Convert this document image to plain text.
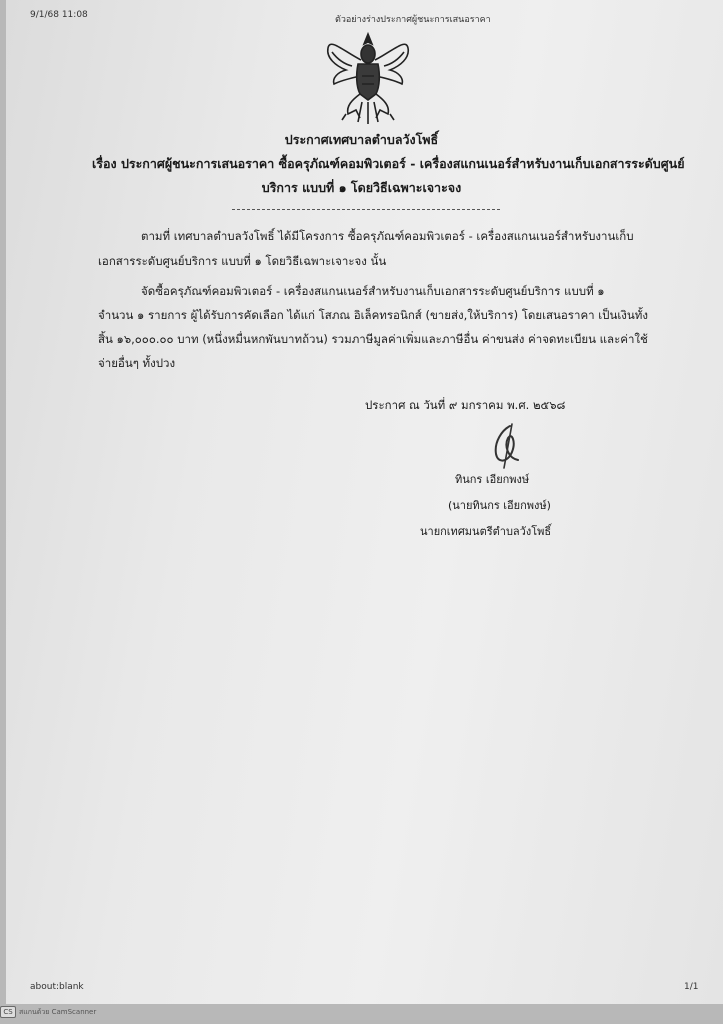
9/1/68 11:08	ตัวอย่างร่างประกาศผู้ชนะการเสนอราคา
ประกาศเทศบาลตำบลวังโพธิ์
เรื่อง ประกาศผู้ชนะการเสนอราคา ซื้อครุภัณฑ์คอมพิวเตอร์ - เครื่องสแกนเนอร์สำหรับงานเก็บเอกสารระดับศูนย์
บริการ แบบที่ ๑ โดยวิธีเฉพาะเจาะจง
ตามที่ เทศบาลตำบลวังโพธิ์ ได้มีโครงการ ซื้อครุภัณฑ์คอมพิวเตอร์ - เครื่องสแกนเนอร์สำหรับงานเก็บ
เอกสารระดับศูนย์บริการ แบบที่ ๑ โดยวิธีเฉพาะเจาะจง นั้น
จัดซื้อครุภัณฑ์คอมพิวเตอร์ - เครื่องสแกนเนอร์สำหรับงานเก็บเอกสารระดับศูนย์บริการ แบบที่ ๑
จำนวน ๑ รายการ ผู้ได้รับการคัดเลือก ได้แก่ โสภณ อิเล็คทรอนิกส์ (ขายส่ง,ให้บริการ) โดยเสนอราคา เป็นเงินทั้ง
สิ้น ๑๖,๐๐๐.๐๐ บาท (หนึ่งหมื่นหกพันบาทถ้วน) รวมภาษีมูลค่าเพิ่มและภาษีอื่น ค่าขนส่ง ค่าจดทะเบียน และค่าใช้
จ่ายอื่นๆ ทั้งปวง
ประกาศ ณ วันที่ ๙ มกราคม พ.ศ. ๒๕๖๘
ทินกร เอียกพงษ์
(นายทินกร เอียกพงษ์)
นายกเทศมนตรีตำบลวังโพธิ์
about:blank	1/1
CS สแกนด้วย CamScanner
